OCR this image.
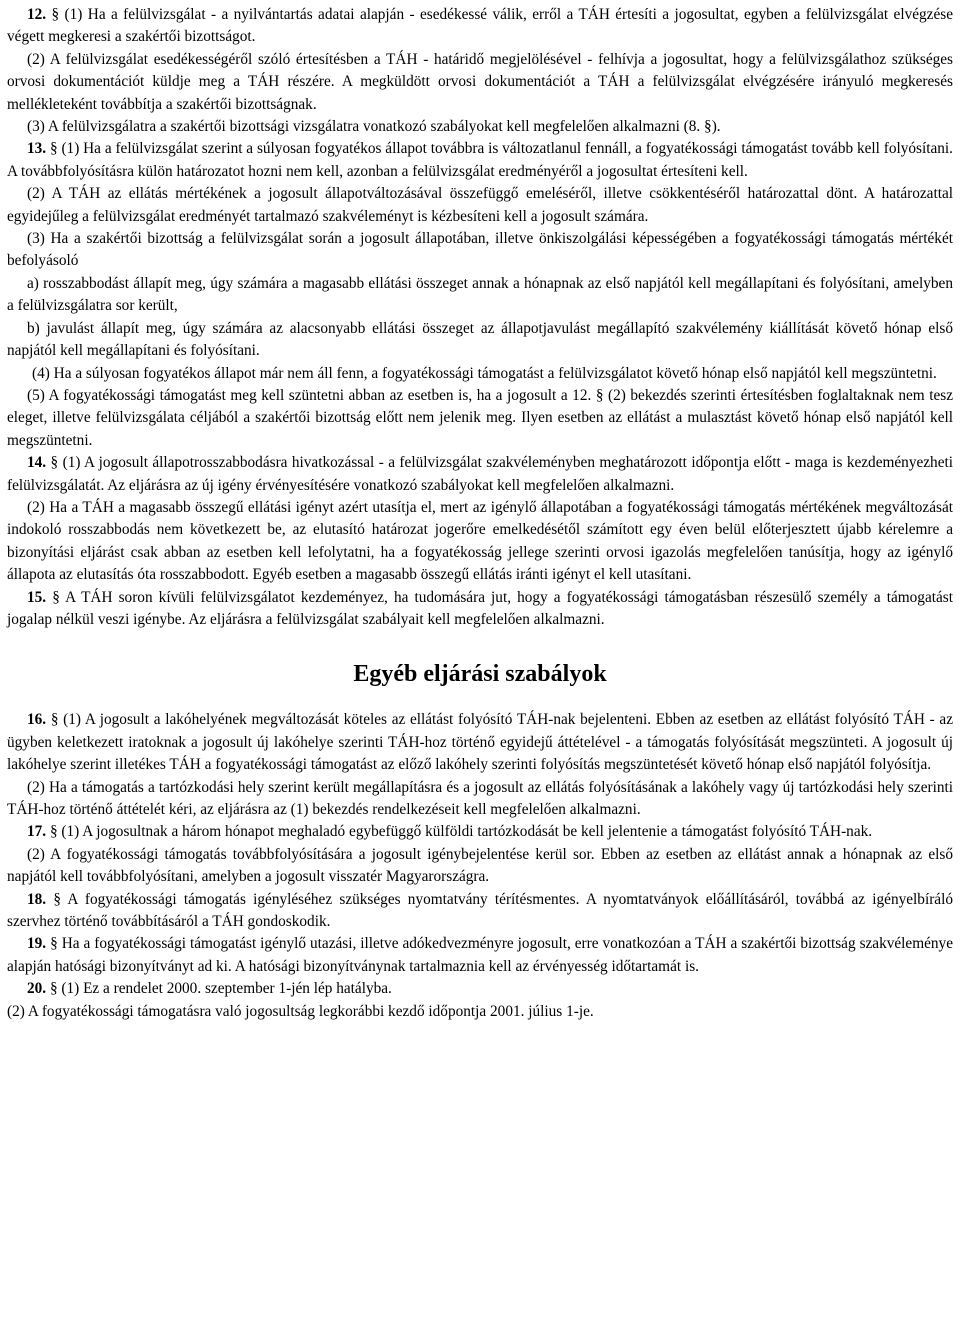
12. § (1) Ha a felülvizsgálat - a nyilvántartás adatai alapján - esedékessé válik, erről a TÁH értesíti a jogosultat, egyben a felülvizsgálat elvégzése végett megkeresi a szakértői bizottságot.

(2) A felülvizsgálat esedékességéről szóló értesítésben a TÁH - határidő megjelölésével - felhívja a jogosultat, hogy a felülvizsgálathoz szükséges orvosi dokumentációt küldje meg a TÁH részére. A megküldött orvosi dokumentációt a TÁH a felülvizsgálat elvégzésére irányuló megkeresés mellékleteként továbbítja a szakértői bizottságnak.

(3) A felülvizsgálatra a szakértői bizottsági vizsgálatra vonatkozó szabályokat kell megfelelően alkalmazni (8. §).

13. § (1) Ha a felülvizsgálat szerint a súlyosan fogyatékos állapot továbbra is változatlanul fennáll, a fogyatékossági támogatást tovább kell folyósítani. A továbbfolyósításra külön határozatot hozni nem kell, azonban a felülvizsgálat eredményéről a jogosultat értesíteni kell.

(2) A TÁH az ellátás mértékének a jogosult állapotváltozásával összefüggő emeléséről, illetve csökkentéséről határozattal dönt. A határozattal egyidejűleg a felülvizsgálat eredményét tartalmazó szakvéleményt is kézbesíteni kell a jogosult számára.

(3) Ha a szakértői bizottság a felülvizsgálat során a jogosult állapotában, illetve önkiszolgálási képességében a fogyatékossági támogatás mértékét befolyásoló

a) rosszabbodást állapít meg, úgy számára a magasabb ellátási összeget annak a hónapnak az első napjától kell megállapítani és folyósítani, amelyben a felülvizsgálatra sor került,

b) javulást állapít meg, úgy számára az alacsonyabb ellátási összeget az állapotjavulást megállapító szakvélemény kiállítását követő hónap első napjától kell megállapítani és folyósítani.

(4) Ha a súlyosan fogyatékos állapot már nem áll fenn, a fogyatékossági támogatást a felülvizsgálatot követő hónap első napjától kell megszüntetni.

(5) A fogyatékossági támogatást meg kell szüntetni abban az esetben is, ha a jogosult a 12. § (2) bekezdés szerinti értesítésben foglaltaknak nem tesz eleget, illetve felülvizsgálata céljából a szakértői bizottság előtt nem jelenik meg. Ilyen esetben az ellátást a mulasztást követő hónap első napjától kell megszüntetni.

14. § (1) A jogosult állapotrosszabbodásra hivatkozással - a felülvizsgálat szakvéleményben meghatározott időpontja előtt - maga is kezdeményezheti felülvizsgálatát. Az eljárásra az új igény érvényesítésére vonatkozó szabályokat kell megfelelően alkalmazni.

(2) Ha a TÁH a magasabb összegű ellátási igényt azért utasítja el, mert az igénylő állapotában a fogyatékossági támogatás mértékének megváltozását indokoló rosszabbodás nem következett be, az elutasító határozat jogerőre emelkedésétől számított egy éven belül előterjesztett újabb kérelemre a bizonyítási eljárást csak abban az esetben kell lefolytatni, ha a fogyatékosság jellege szerinti orvosi igazolás megfelelően tanúsítja, hogy az igénylő állapota az elutasítás óta rosszabbodott. Egyéb esetben a magasabb összegű ellátás iránti igényt el kell utasítani.

15. § A TÁH soron kívüli felülvizsgálatot kezdeményez, ha tudomására jut, hogy a fogyatékossági támogatásban részesülő személy a támogatást jogalap nélkül veszi igénybe. Az eljárásra a felülvizsgálat szabályait kell megfelelően alkalmazni.

Egyéb eljárási szabályok

16. § (1) A jogosult a lakóhelyének megváltozását köteles az ellátást folyósító TÁH-nak bejelenteni. Ebben az esetben az ellátást folyósító TÁH - az ügyben keletkezett iratoknak a jogosult új lakóhelye szerinti TÁH-hoz történő egyidejű áttételével - a támogatás folyósítását megszünteti. A jogosult új lakóhelye szerint illetékes TÁH a fogyatékossági támogatást az előző lakóhely szerinti folyósítás megszüntetését követő hónap első napjától folyósítja.

(2) Ha a támogatás a tartózkodási hely szerint került megállapításra és a jogosult az ellátás folyósításának a lakóhely vagy új tartózkodási hely szerinti TÁH-hoz történő áttételét kéri, az eljárásra az (1) bekezdés rendelkezéseit kell megfelelően alkalmazni.

17. § (1) A jogosultnak a három hónapot meghaladó egybefüggő külföldi tartózkodását be kell jelentenie a támogatást folyósító TÁH-nak.

(2) A fogyatékossági támogatás továbbfolyósítására a jogosult igénybejelentése kerül sor. Ebben az esetben az ellátást annak a hónapnak az első napjától kell továbbfolyósítani, amelyben a jogosult visszatér Magyarországra.

18. § A fogyatékossági támogatás igényléséhez szükséges nyomtatvány térítésmentes. A nyomtatványok előállításáról, továbbá az igényelbíráló szervhez történő továbbításáról a TÁH gondoskodik.

19. § Ha a fogyatékossági támogatást igénylő utazási, illetve adókedvezményre jogosult, erre vonatkozóan a TÁH a szakértői bizottság szakvéleménye alapján hatósági bizonyítványt ad ki. A hatósági bizonyítványnak tartalmaznia kell az érvényesség időtartamát is.

20. § (1) Ez a rendelet 2000. szeptember 1-jén lép hatályba.

(2) A fogyatékossági támogatásra való jogosultság legkorábbi kezdő időpontja 2001. július 1-je.
